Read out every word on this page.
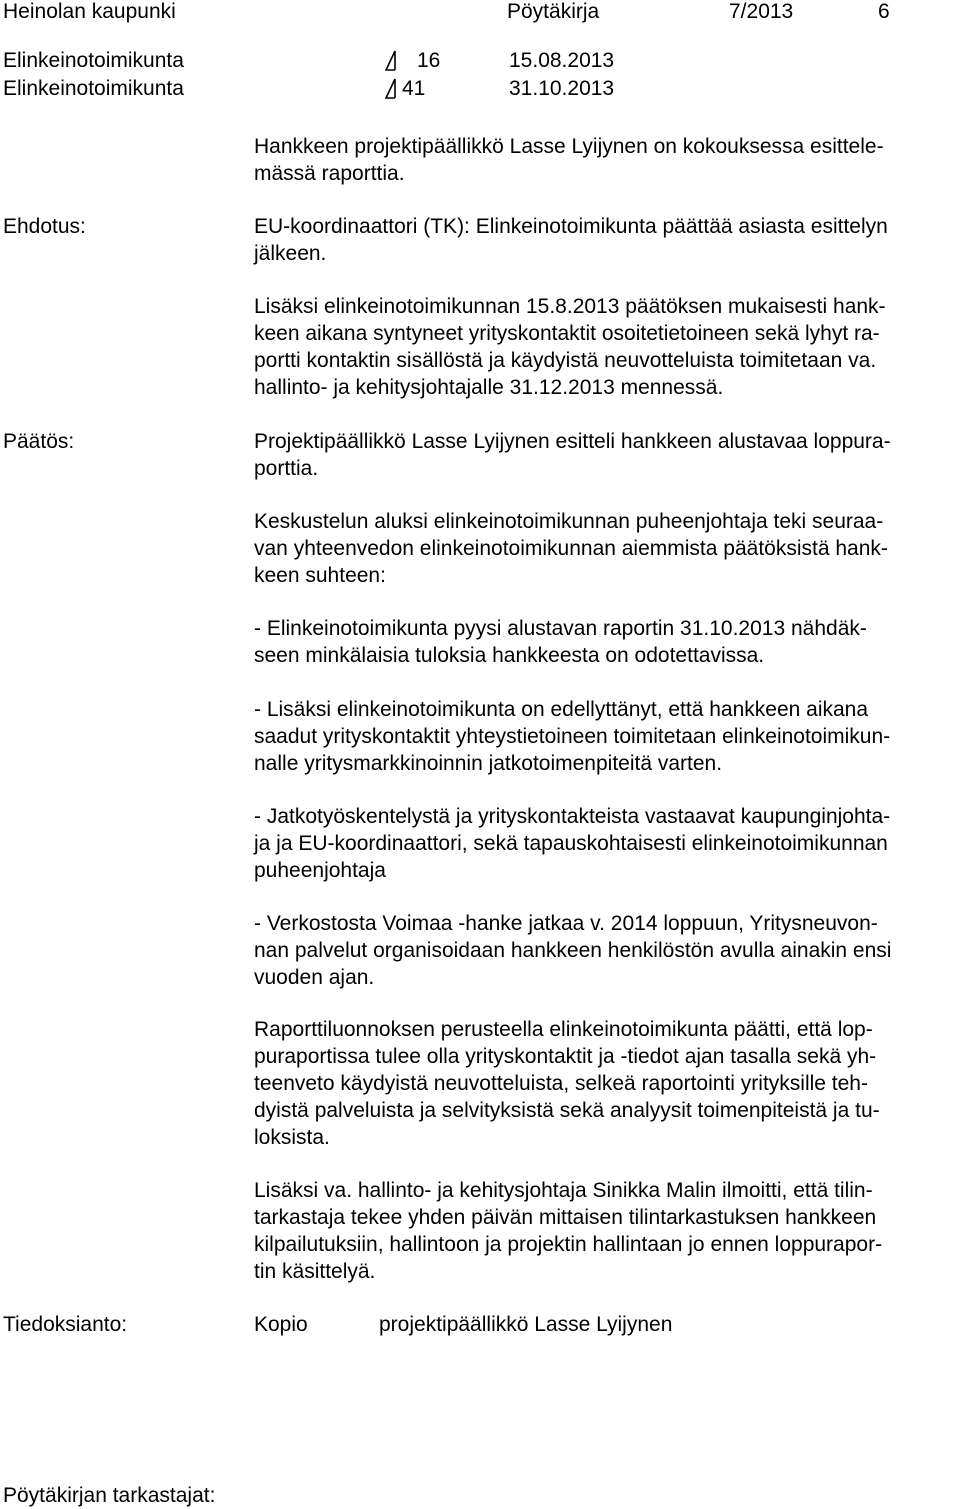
Heinolan kaupunki	Pöytäkirja	7/2013	6
Elinkeinotoimikunta	16	15.08.2013
Elinkeinotoimikunta	41	31.10.2013
Hankkeen projektipäällikkö Lasse Lyijynen on kokouksessa esittele-
mässä raporttia.
Ehdotus:	EU-koordinaattori (TK): Elinkeinotoimikunta päättää asiasta esittelyn
jälkeen.
Lisäksi elinkeinotoimikunnan 15.8.2013 päätöksen mukaisesti hank-
keen aikana syntyneet yrityskontaktit osoitetietoineen sekä lyhyt ra-
portti kontaktin sisällöstä ja käydyistä neuvotteluista toimitetaan va.
hallinto- ja kehitysjohtajalle 31.12.2013 mennessä.
Päätös:	Projektipäällikkö Lasse Lyijynen esitteli hankkeen alustavaa loppura-
porttia.
Keskustelun aluksi elinkeinotoimikunnan puheenjohtaja teki seuraa-
van yhteenvedon elinkeinotoimikunnan aiemmista päätöksistä hank-
keen suhteen:
- Elinkeinotoimikunta pyysi alustavan raportin 31.10.2013 nähdäk-
seen minkälaisia tuloksia hankkeesta on odotettavissa.
- Lisäksi elinkeinotoimikunta on edellyttänyt, että hankkeen aikana
saadut yrityskontaktit yhteystietoineen toimitetaan elinkeinotoimikun-
nalle yritysmarkkinoinnin jatkotoimenpiteitä varten.
- Jatkotyöskentelystä ja yrityskontakteista vastaavat kaupunginjohta-
ja ja EU-koordinaattori, sekä tapauskohtaisesti elinkeinotoimikunnan
puheenjohtaja
- Verkostosta Voimaa -hanke jatkaa v. 2014 loppuun, Yritysneuvon-
nan palvelut organisoidaan hankkeen henkilöstön avulla ainakin ensi
vuoden ajan.
Raporttiluonnoksen perusteella elinkeinotoimikunta päätti, että lop-
puraportissa tulee olla yrityskontaktit ja -tiedot ajan tasalla sekä yh-
teenveto käydyistä neuvotteluista, selkeä raportointi yrityksille teh-
dyistä palveluista ja selvityksistä sekä analyysit toimenpiteistä ja tu-
loksista.
Lisäksi va. hallinto- ja kehitysjohtaja Sinikka Malin ilmoitti, että tilin-
tarkastaja tekee yhden päivän mittaisen tilintarkastuksen hankkeen
kilpailutuksiin, hallintoon ja projektin hallintaan jo ennen loppurapor-
tin käsittelyä.
Tiedoksianto:	Kopio	projektipäällikkö Lasse Lyijynen
Pöytäkirjan tarkastajat:
